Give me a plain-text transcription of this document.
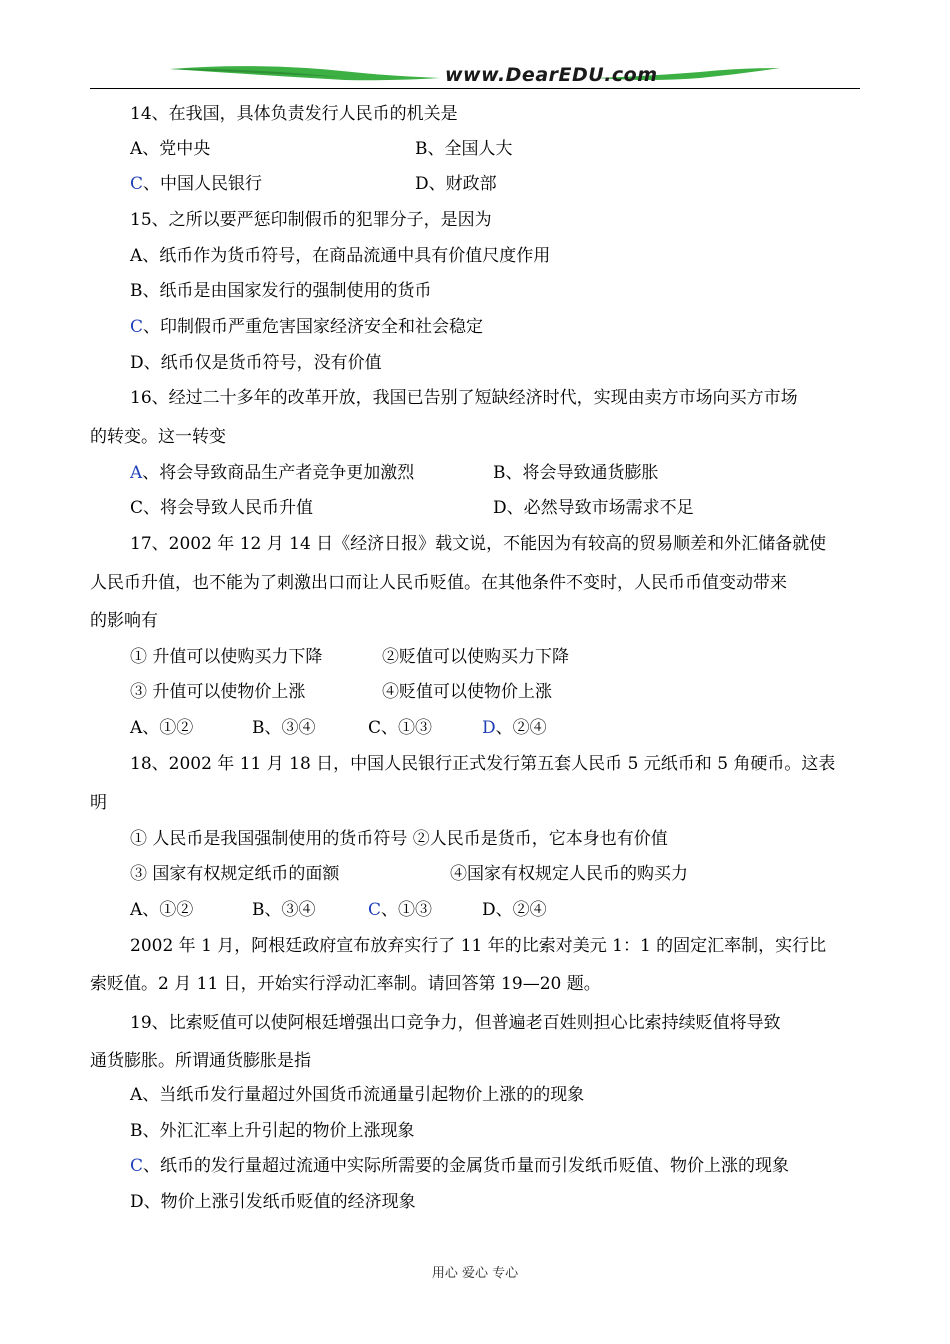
www.DearEDU.com
14、在我国，具体负责发行人民币的机关是
A、党中央	B、全国人大
C、中国人民银行	D、财政部
15、之所以要严惩印制假币的犯罪分子，是因为
A、纸币作为货币符号，在商品流通中具有价值尺度作用
B、纸币是由国家发行的强制使用的货币
C、印制假币严重危害国家经济安全和社会稳定
D、纸币仅是货币符号，没有价值
16、经过二十多年的改革开放，我国已告别了短缺经济时代，实现由卖方市场向买方市场
的转变。这一转变
A、将会导致商品生产者竞争更加激烈	B、将会导致通货膨胀
C、将会导致人民币升值	D、必然导致市场需求不足
17、2002 年 12 月 14 日《经济日报》载文说，不能因为有较高的贸易顺差和外汇储备就使
人民币升值，也不能为了刺激出口而让人民币贬值。在其他条件不变时，人民币币值变动带来
的影响有
① 升值可以使购买力下降	②贬值可以使购买力下降
③ 升值可以使物价上涨	④贬值可以使物价上涨
A、①②	B、③④	C、①③	D、②④
18、2002 年 11 月 18 日，中国人民银行正式发行第五套人民币 5 元纸币和 5 角硬币。这表
明
① 人民币是我国强制使用的货币符号 ②人民币是货币，它本身也有价值
③ 国家有权规定纸币的面额	④国家有权规定人民币的购买力
A、①②	B、③④	C、①③	D、②④
2002 年 1 月，阿根廷政府宣布放弃实行了 11 年的比索对美元 1：1 的固定汇率制，实行比
索贬值。2 月 11 日，开始实行浮动汇率制。请回答第 19—20 题。
19、比索贬值可以使阿根廷增强出口竞争力，但普遍老百姓则担心比索持续贬值将导致
通货膨胀。所谓通货膨胀是指
A、当纸币发行量超过外国货币流通量引起物价上涨的的现象
B、外汇汇率上升引起的物价上涨现象
C、纸币的发行量超过流通中实际所需要的金属货币量而引发纸币贬值、物价上涨的现象
D、物价上涨引发纸币贬值的经济现象
用心 爱心 专心
